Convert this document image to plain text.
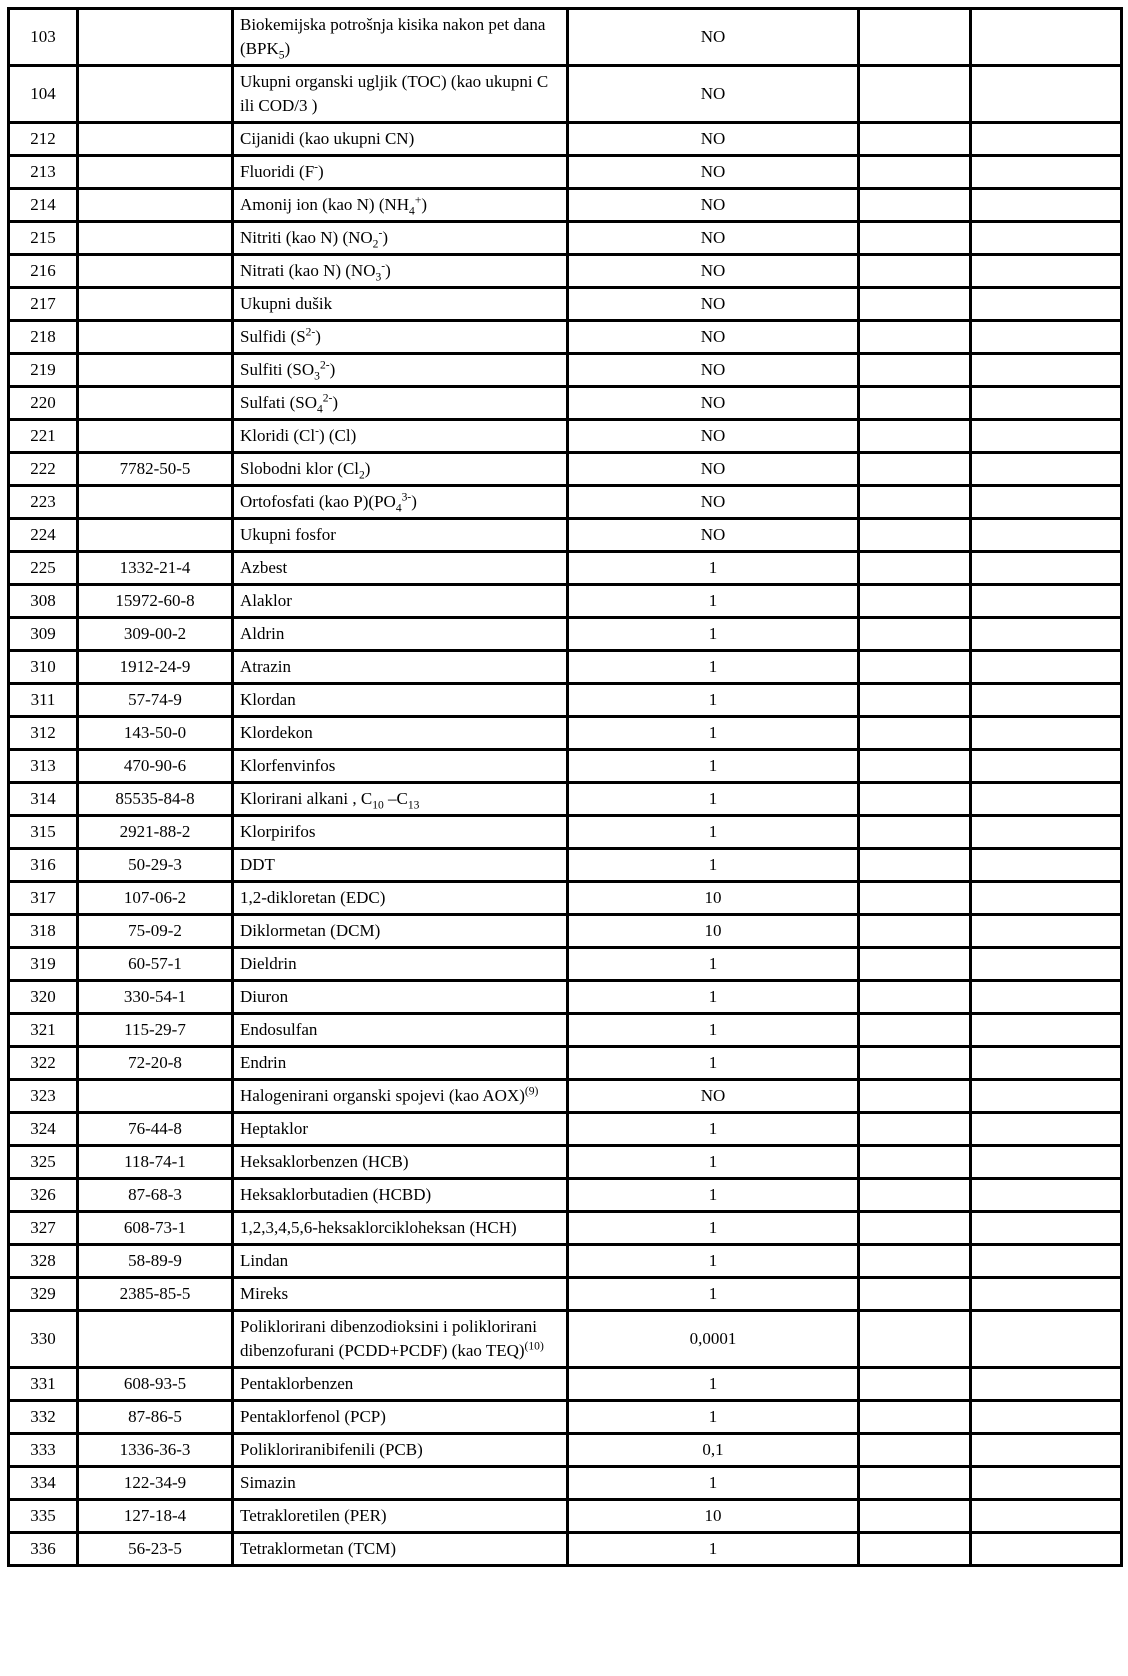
103		Biokemijska potrošnja kisika nakon pet dana $(BPK_5)$	NO		
104		Ukupni organski ugljik (TOC) (kao ukupni C ili COD/3 )	NO		
212		Cijanidi (kao ukupni CN)	NO		
213		Fluoridi (F-)	NO		
214		Amonij ion (kao N) $(NH_4^+)$	NO		
215		Nitriti (kao N) $(NO_2^-)$	NO		
216		Nitrati (kao N) $(NO_3^-)$	NO		
217		Ukupni dušik	NO		
218		Sulfidi $(S^{2-})$	NO		
219		Sulfiti $(SO_3^{2-})$	NO		
220		Sulfati $(SO_4^{2-})$	NO		
221		Kloridi (Cl-) (Cl)	NO		
222	7782-50-5	Slobodni klor $(Cl_2)$	NO		
223		Ortofosfati (kao $P)(PO_4^{3-})$	NO		
224		Ukupni fosfor	NO		
225	1332-21-4	Azbest	1		
308	15972-60-8	Alaklor	1		
309	309-00-2	Aldrin	1		
310	1912-24-9	Atrazin	1		
311	57-74-9	Klordan	1		
312	143-50-0	Klordekon	1		
313	470-90-6	Klorfenvinfos	1		
314	85535-84-8	Klorirani alkani , $C_{10}$ $-C_{13}$	1		
315	2921-88-2	Klorpirifos	1		
316	50-29-3	DDT	1		
317	107-06-2	1,2-dikloretan (EDC)	10		
318	75-09-2	Diklormetan (DCM)	10		
319	60-57-1	Dieldrin	1		
320	330-54-1	Diuron	1		
321	115-29-7	Endosulfan	1		
322	72-20-8	Endrin	1		
323		Halogenirani organski spojevi (kao AOX)$^{(9)}$	NO		
324	76-44-8	Heptaklor	1		
325	118-74-1	Heksaklorbenzen (HCB)	1		
326	87-68-3	Heksaklorbutadien (HCBD)	1		
327	608-73-1	1,2,3,4,5,6-heksaklorcikloheksan (HCH)	1		
328	58-89-9	Lindan	1		
329	2385-85-5	Mireks	1		
330		Poliklorirani dibenzodioksini i poliklorirani dibenzofurani (PCDD+PCDF) (kao TEQ)$^{(10)}$	0,0001		
331	608-93-5	Pentaklorbenzen	1		
332	87-86-5	Pentaklorfenol (PCP)	1		
333	1336-36-3	Polikloriranibifenili (PCB)	0,1		
334	122-34-9	Simazin	1		
335	127-18-4	Tetrakloretilen (PER)	10		
336	56-23-5	Tetraklormetan (TCM)	1		
